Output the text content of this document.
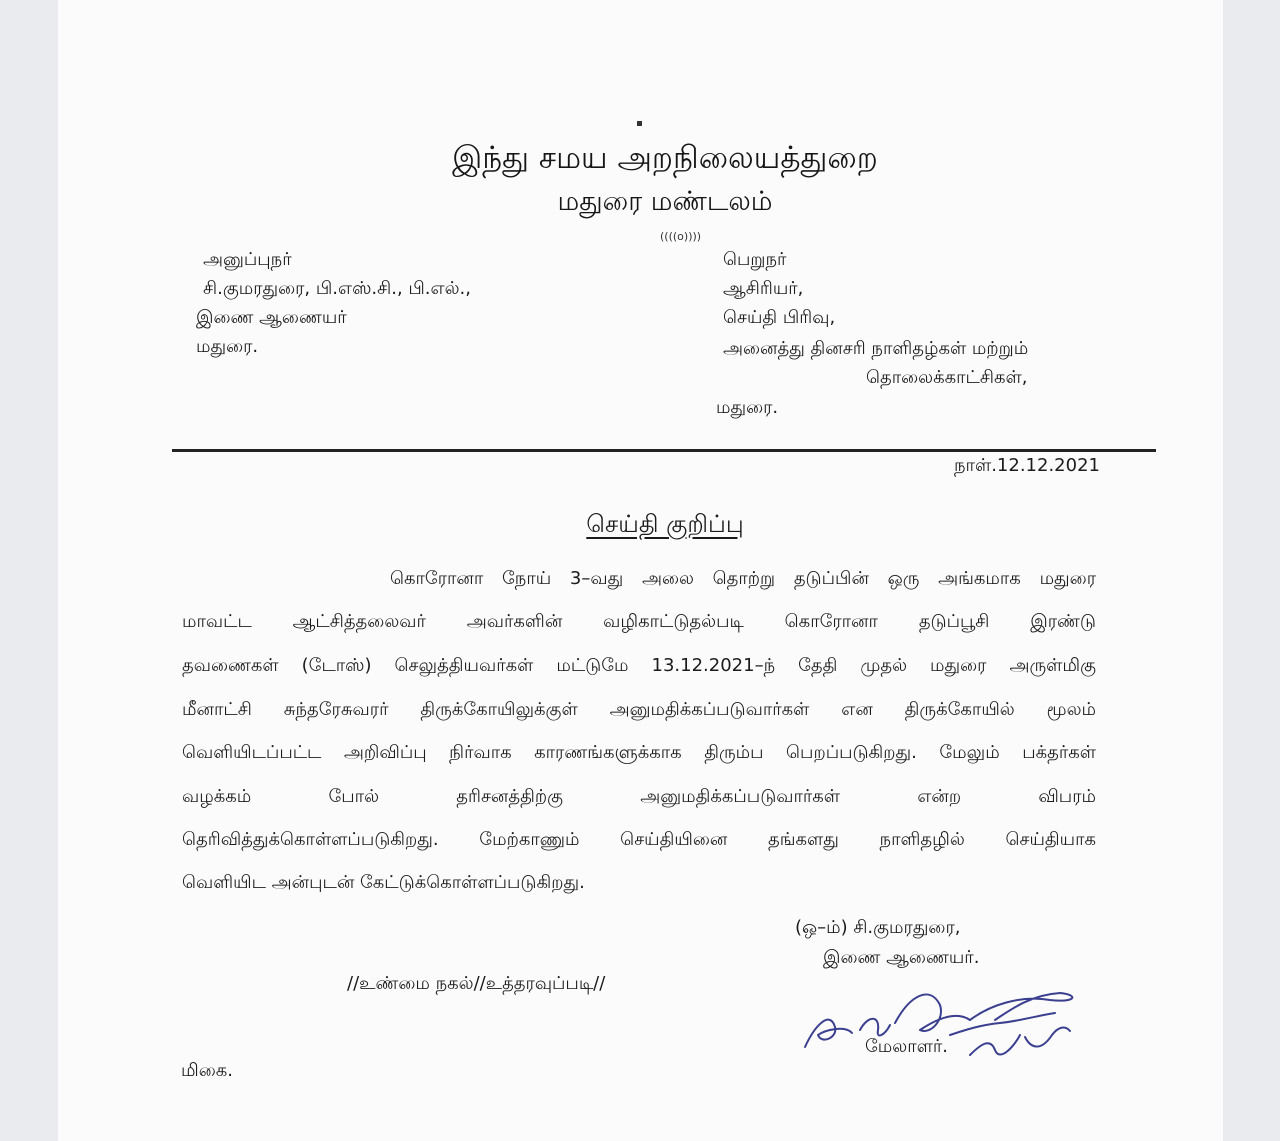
இந்து சமய அறநிலையத்துறை
மதுரை மண்டலம்
((((o))))
அனுப்புநர்
சி.குமரதுரை, பி.எஸ்.சி., பி.எல்.,
இணை ஆணையர்
மதுரை.
பெறுநர்
ஆசிரியர்,
செய்தி பிரிவு,
அனைத்து தினசரி நாளிதழ்கள் மற்றும்
தொலைக்காட்சிகள்,
மதுரை.
நாள்.12.12.2021
செய்தி குறிப்பு
கொரோனா நோய் 3–வது அலை தொற்று தடுப்பின் ஒரு அங்கமாக மதுரை
மாவட்ட ஆட்சித்தலைவர் அவர்களின் வழிகாட்டுதல்படி கொரோனா தடுப்பூசி இரண்டு
தவணைகள் (டோஸ்) செலுத்தியவர்கள் மட்டுமே 13.12.2021–ந் தேதி முதல் மதுரை அருள்மிகு
மீனாட்சி சுந்தரேசுவரர் திருக்கோயிலுக்குள் அனுமதிக்கப்படுவார்கள் என திருக்கோயில் மூலம்
வெளியிடப்பட்ட அறிவிப்பு நிர்வாக காரணங்களுக்காக திரும்ப பெறப்படுகிறது. மேலும் பக்தர்கள்
வழக்கம் போல் தரிசனத்திற்கு அனுமதிக்கப்படுவார்கள் என்ற விபரம்
தெரிவித்துக்கொள்ளப்படுகிறது. மேற்காணும் செய்தியினை தங்களது நாளிதழில் செய்தியாக
வெளியிட அன்புடன் கேட்டுக்கொள்ளப்படுகிறது.
(ஒ–ம்) சி.குமரதுரை,
இணை ஆணையர்.
//உண்மை நகல்//உத்தரவுப்படி//
மேலாளர்.
மிகை.
